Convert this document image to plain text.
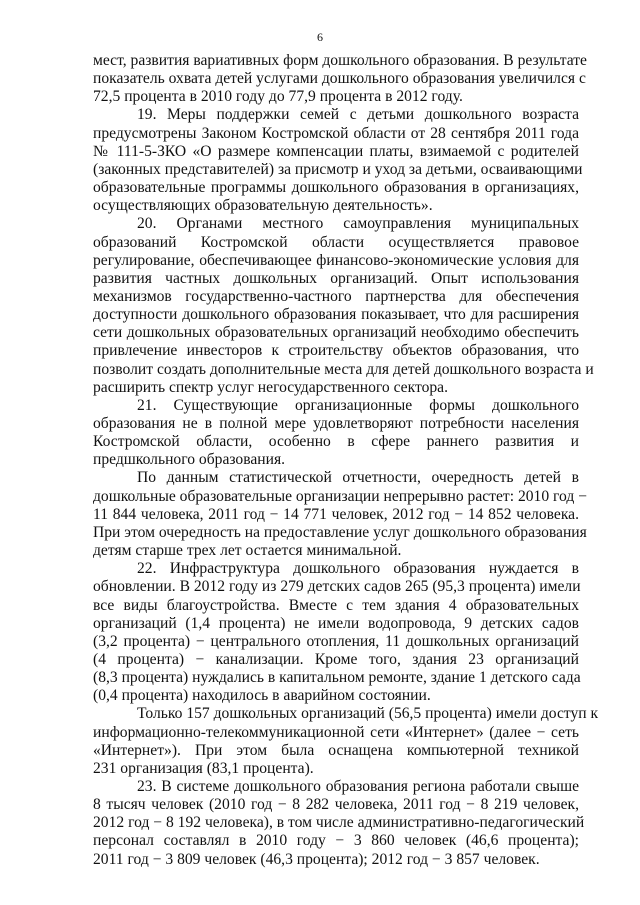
6
мест, развития вариативных форм дошкольного образования. В результате
показатель охвата детей услугами дошкольного образования увеличился с
72,5 процента в 2010 году до 77,9 процента в 2012 году.
19. Меры поддержки семей с детьми дошкольного возраста
предусмотрены Законом Костромской области от 28 сентября 2011 года
№ 111-5-ЗКО «О размере компенсации платы, взимаемой с родителей
(законных представителей) за присмотр и уход за детьми, осваивающими
образовательные программы дошкольного образования в организациях,
осуществляющих образовательную деятельность».
20. Органами местного самоуправления муниципальных
образований Костромской области осуществляется правовое
регулирование, обеспечивающее финансово-экономические условия для
развития частных дошкольных организаций. Опыт использования
механизмов государственно-частного партнерства для обеспечения
доступности дошкольного образования показывает, что для расширения
сети дошкольных образовательных организаций необходимо обеспечить
привлечение инвесторов к строительству объектов образования, что
позволит создать дополнительные места для детей дошкольного возраста и
расширить спектр услуг негосударственного сектора.
21. Существующие организационные формы дошкольного
образования не в полной мере удовлетворяют потребности населения
Костромской области, особенно в сфере раннего развития и
предшкольного образования.
По данным статистической отчетности, очередность детей в
дошкольные образовательные организации непрерывно растет: 2010 год −
11 844 человека, 2011 год − 14 771 человек, 2012 год − 14 852 человека.
При этом очередность на предоставление услуг дошкольного образования
детям старше трех лет остается минимальной.
22. Инфраструктура дошкольного образования нуждается в
обновлении. В 2012 году из 279 детских садов 265 (95,3 процента) имели
все виды благоустройства. Вместе с тем здания 4 образовательных
организаций (1,4 процента) не имели водопровода, 9 детских садов
(3,2 процента) − центрального отопления, 11 дошкольных организаций
(4 процента) − канализации. Кроме того, здания 23 организаций
(8,3 процента) нуждались в капитальном ремонте, здание 1 детского сада
(0,4 процента) находилось в аварийном состоянии.
Только 157 дошкольных организаций (56,5 процента) имели доступ к
информационно-телекоммуникационной сети «Интернет» (далее − сеть
«Интернет»). При этом была оснащена компьютерной техникой
231 организация (83,1 процента).
23. В системе дошкольного образования региона работали свыше
8 тысяч человек (2010 год − 8 282 человека, 2011 год − 8 219 человек,
2012 год − 8 192 человека), в том числе административно-педагогический
персонал составлял в 2010 году − 3 860 человек (46,6 процента);
2011 год − 3 809 человек (46,3 процента); 2012 год − 3 857 человек.
